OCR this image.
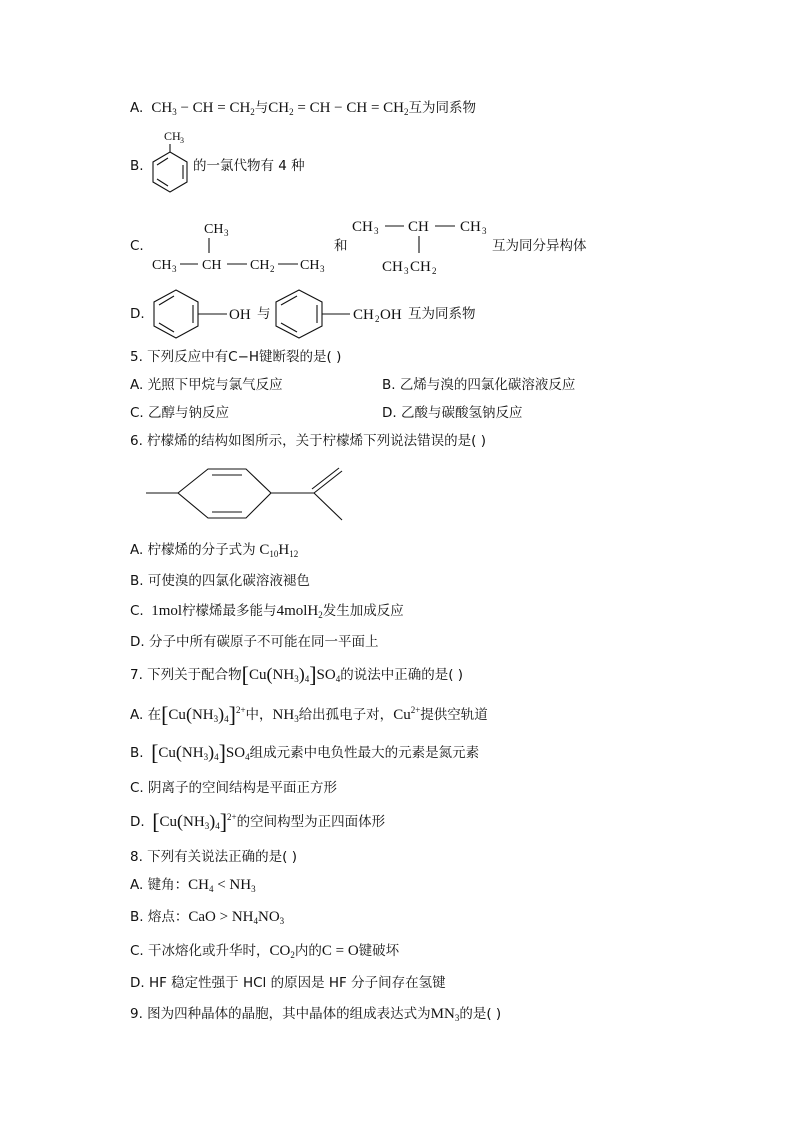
A.  $CH_3$ − CH = $CH_2$与$CH_2$ = CH − CH = $CH_2$互为同系物
B.
CH 3
的一氯代物有 4 种
C.
CH 3
CH 3 CH CH 2 CH 3
和
CH 3 CH CH 3
CH 3 CH 2
互为同分异构体
D.	OH 与	CH 2 OH 互为同系物
5. 下列反应中有C−H键断裂的是( )
A. 光照下甲烷与氯气反应	B. 乙烯与溴的四氯化碳溶液反应
C. 乙醇与钠反应	D. 乙酸与碳酸氢钠反应
6. 柠檬烯的结构如图所示，关于柠檬烯下列说法错误的是( )
A. 柠檬烯的分子式为 $C_{10}H_{12}$
B. 可使溴的四氯化碳溶液褪色
C.  1mol柠檬烯最多能与4molH$_2$发生加成反应
D. 分子中所有碳原子不可能在同一平面上
7. 下列关于配合物$[Cu(NH_3)_4]SO_4$的说法中正确的是( )
A. 在$[Cu(NH_3)_4]^{2+}$中，$NH_3$给出孤电子对，$Cu^{2+}$提供空轨道
B. $[Cu(NH_3)_4]SO_4$组成元素中电负性最大的元素是氮元素
C. 阴离子的空间结构是平面正方形
D. $[Cu(NH_3)_4]^{2+}$的空间构型为正四面体形
8. 下列有关说法正确的是( )
A. 键角：$CH_4 < NH_3$
B. 熔点：CaO > $NH_4NO_3$
C. 干冰熔化或升华时，$CO_2$内的C = O键破坏
D. HF 稳定性强于 HCl 的原因是 HF 分子间存在氢键
9. 图为四种晶体的晶胞，其中晶体的组成表达式为$MN_3$的是( )
